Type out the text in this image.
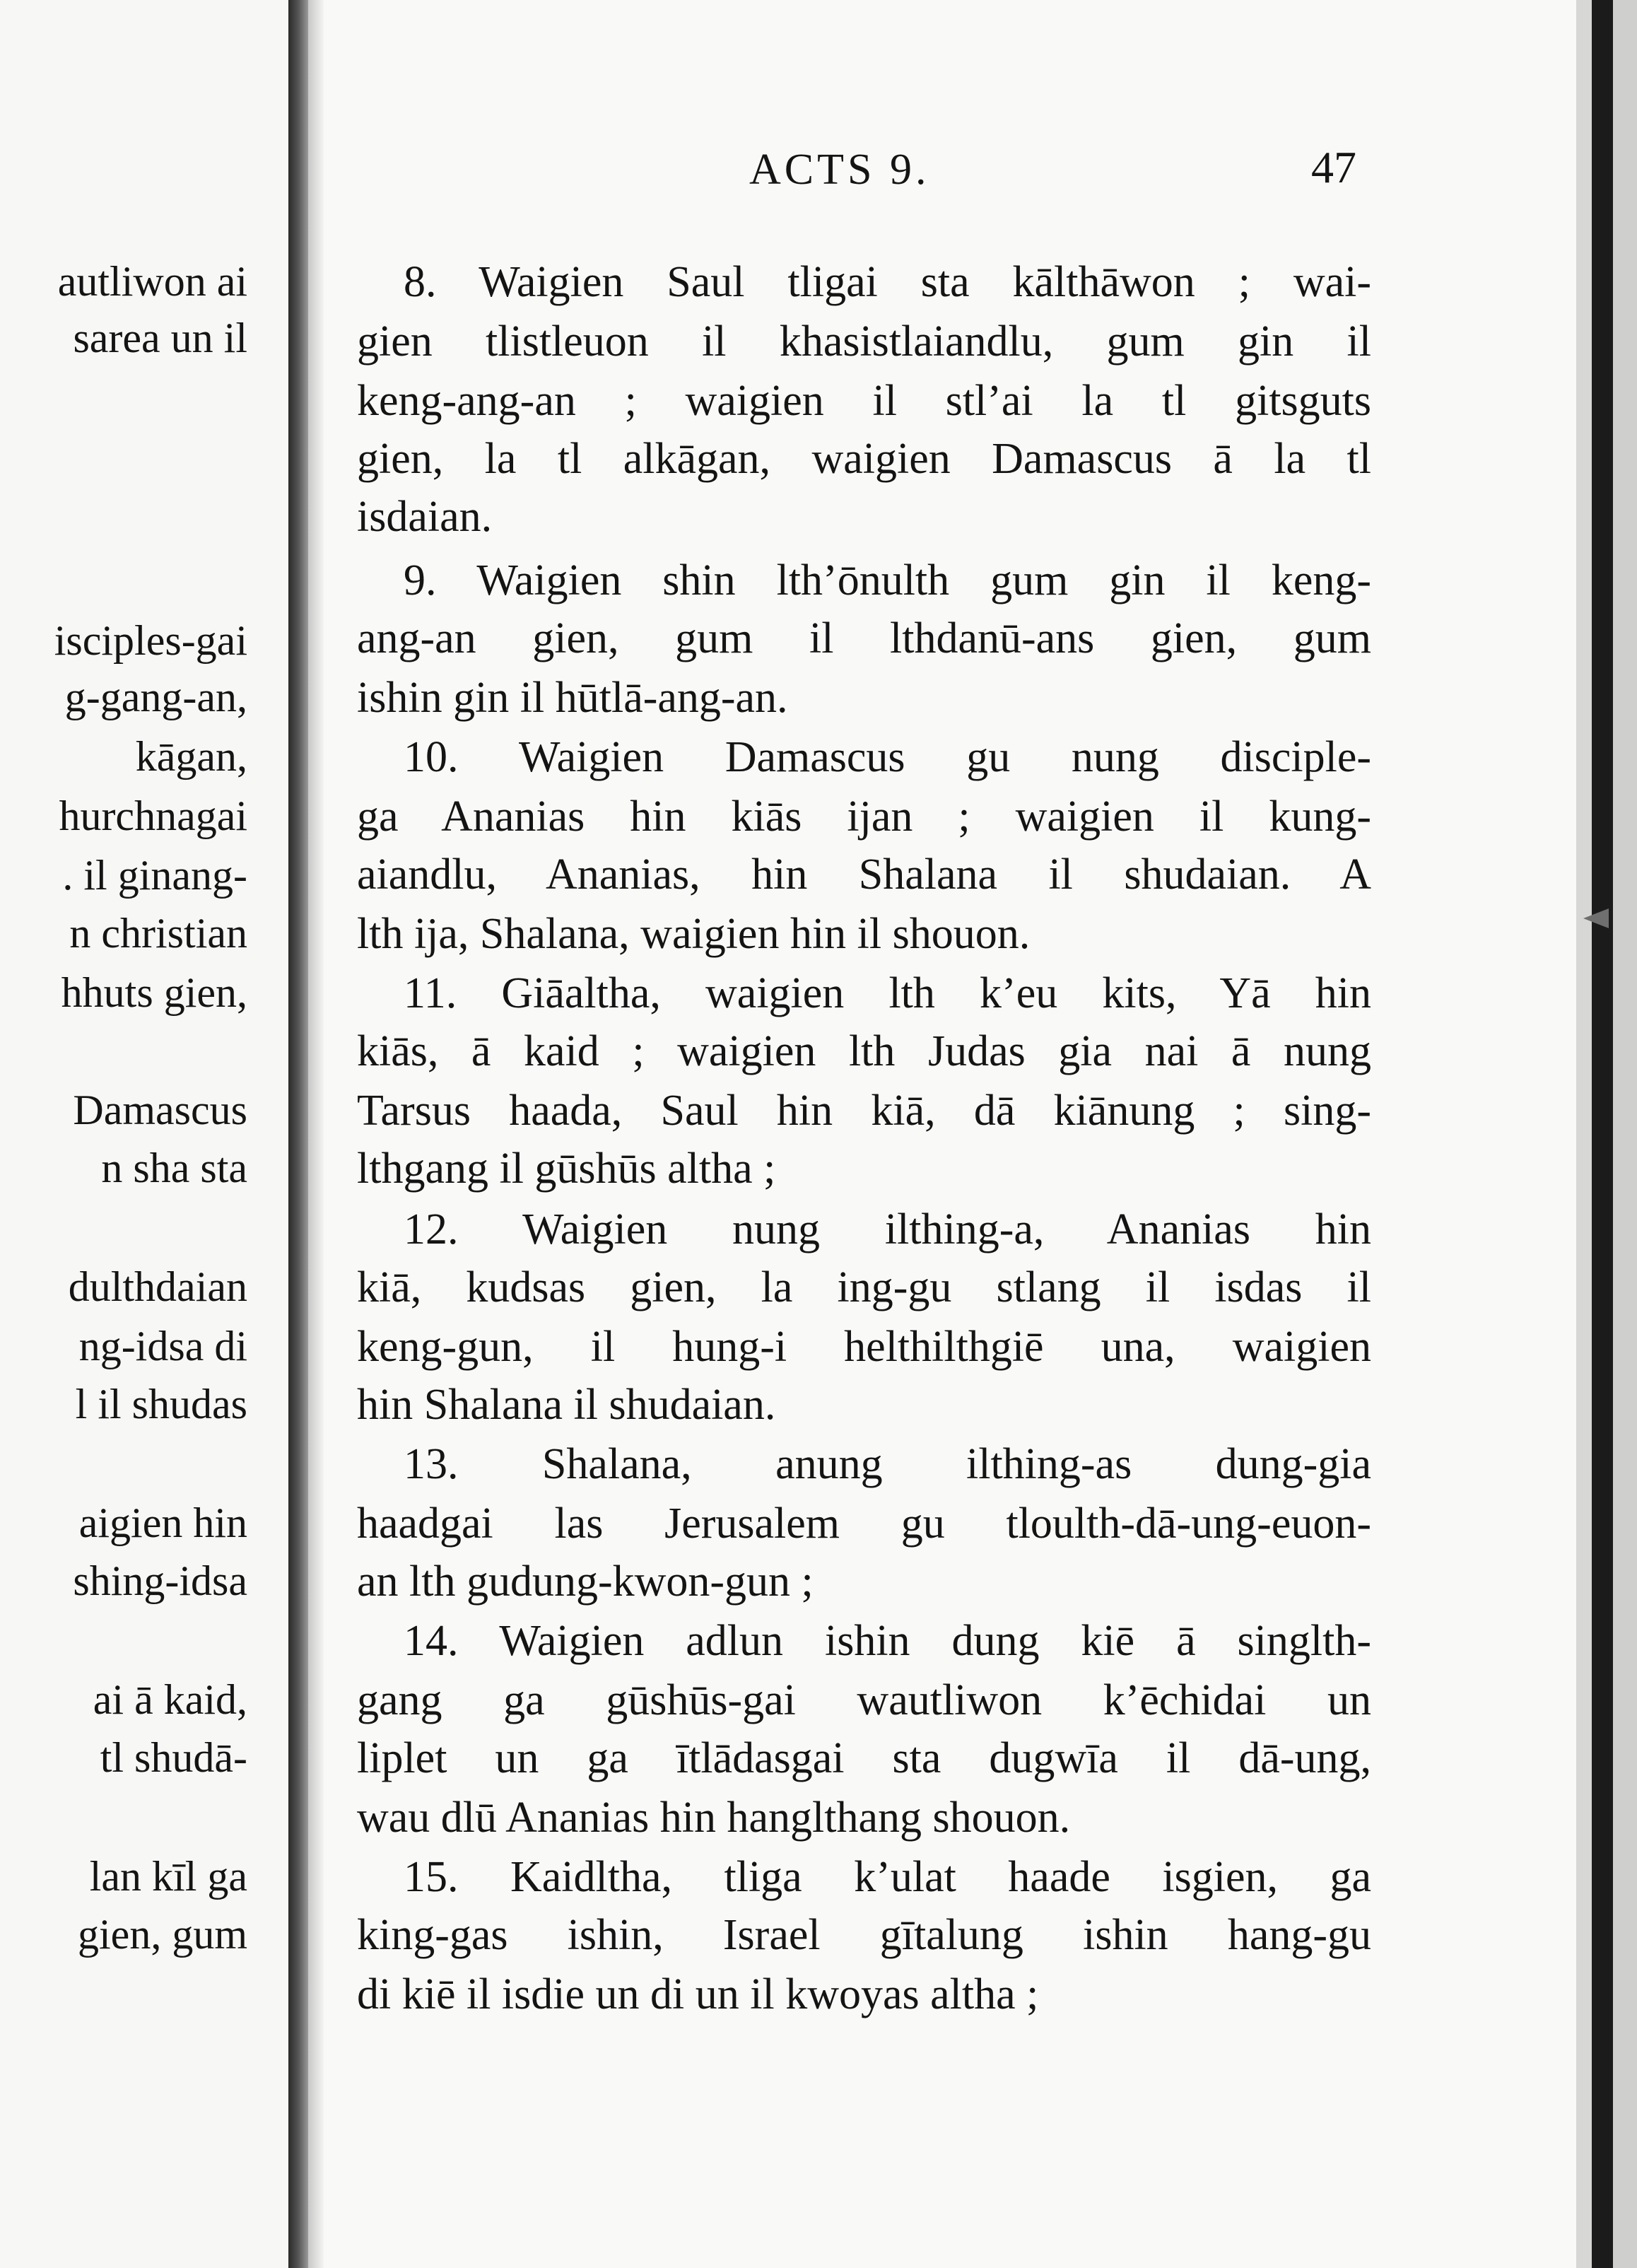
autliwon ai
sarea un il
isciples-gai
g-gang-an,
kāgan,
hurchnagai
. il ginang-
n christian
hhuts gien,
Damascus
n sha sta
dulthdaian
ng-idsa di
l il shudas
aigien hin
shing-idsa
ai ā kaid,
tl shudā-
lan kīl ga
gien, gum
ACTS 9.	47
8. Waigien Saul tligai sta kālthāwon ; wai-
gien tlistleuon il khasistlaiandlu, gum gin il
keng-ang-an ; waigien il stl’ai la tl gitsguts
gien, la tl alkāgan, waigien Damascus ā la tl
isdaian.
9. Waigien shin lth’ōnulth gum gin il keng-
ang-an gien, gum il lthdanū-ans gien, gum
ishin gin il hūtlā-ang-an.
10. Waigien Damascus gu nung disciple-
ga Ananias hin kiās ijan ; waigien il kung-
aiandlu, Ananias, hin Shalana il shudaian. A
lth ija, Shalana, waigien hin il shouon.
11. Giāaltha, waigien lth k’eu kits, Yā hin
kiās, ā kaid ; waigien lth Judas gia nai ā nung
Tarsus haada, Saul hin kiā, dā kiānung ; sing-
lthgang il gūshūs altha ;
12. Waigien nung ilthing-a, Ananias hin
kiā, kudsas gien, la ing-gu stlang il isdas il
keng-gun, il hung-i helthilthgiē una, waigien
hin Shalana il shudaian.
13. Shalana, anung ilthing-as dung-gia
haadgai las Jerusalem gu tloulth-dā-ung-euon-
an lth gudung-kwon-gun ;
14. Waigien adlun ishin dung kiē ā singlth-
gang ga gūshūs-gai wautliwon k’ēchidai un
liplet un ga ītlādasgai sta dugwīa il dā-ung,
wau dlū Ananias hin hanglthang shouon.
15. Kaidltha, tliga k’ulat haade isgien, ga
king-gas ishin, Israel gītalung ishin hang-gu
di kiē il isdie un di un il kwoyas altha ;
